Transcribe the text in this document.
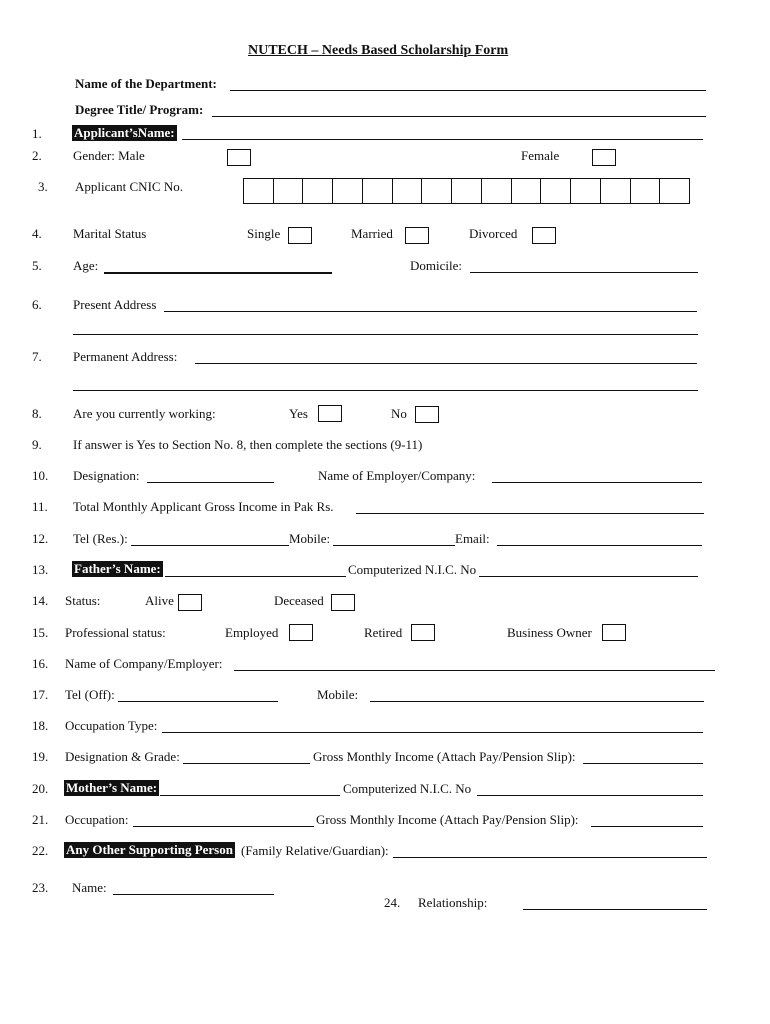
NUTECH – Needs Based Scholarship Form
Name of the Department:
Degree Title/ Program:
1. Applicant’sName:
2. Gender: Male	Female
3. Applicant CNIC No.
4. Marital Status	Single	Married	Divorced
5. Age:	Domicile:
6. Present Address
7. Permanent Address:
8. Are you currently working:	Yes	No
9. If answer is Yes to Section No. 8, then complete the sections (9-11)
10. Designation:	Name of Employer/Company:
11. Total Monthly Applicant Gross Income in Pak Rs.
12. Tel (Res.):	Mobile:	Email:
13. Father’s Name:	Computerized N.I.C. No
14. Status:	Alive	Deceased
15. Professional status:	Employed	Retired	Business Owner
16. Name of Company/Employer:
17. Tel (Off):	Mobile:
18. Occupation Type:
19. Designation & Grade:	Gross Monthly Income (Attach Pay/Pension Slip):
20. Mother’s Name:	Computerized N.I.C. No
21. Occupation:	Gross Monthly Income (Attach Pay/Pension Slip):
22. Any Other Supporting Person (Family Relative/Guardian):
23. Name:
24. Relationship:
